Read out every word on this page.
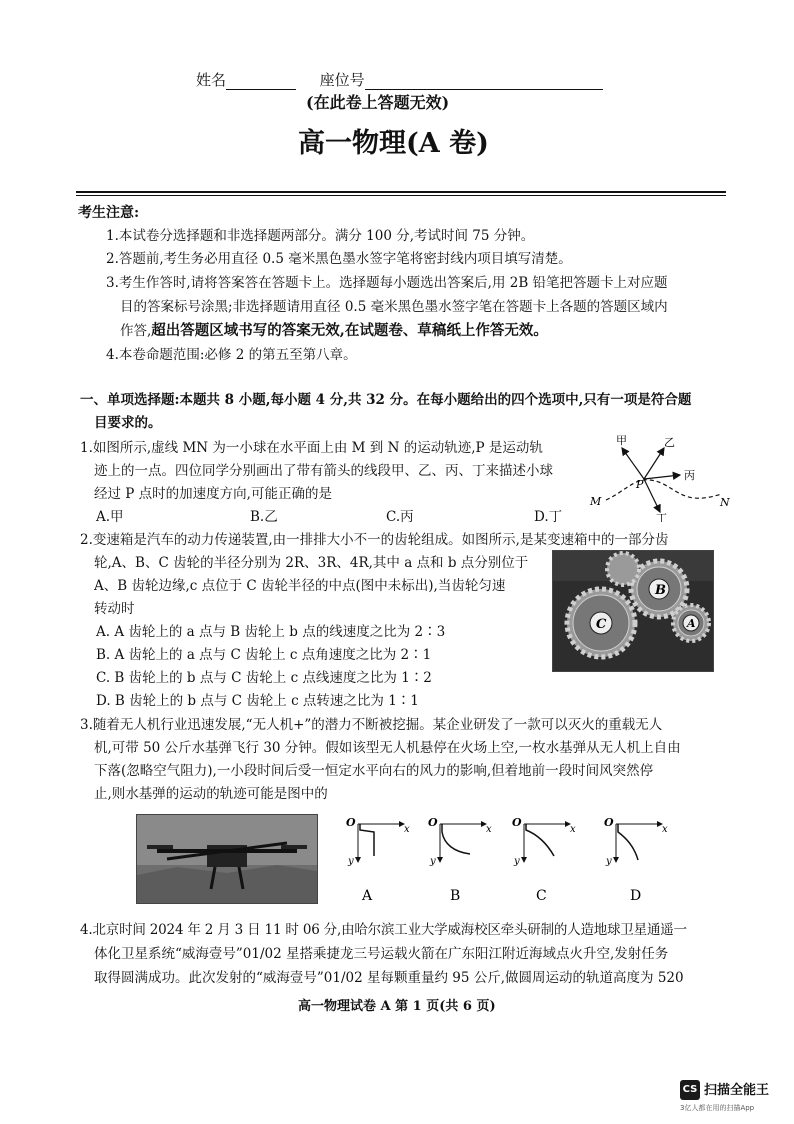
姓名	座位号
(在此卷上答题无效)
高一物理(A 卷)
考生注意:
1.本试卷分选择题和非选择题两部分。满分 100 分,考试时间 75 分钟。
2.答题前,考生务必用直径 0.5 毫米黑色墨水签字笔将密封线内项目填写清楚。
3.考生作答时,请将答案答在答题卡上。选择题每小题选出答案后,用 2B 铅笔把答题卡上对应题
目的答案标号涂黑;非选择题请用直径 0.5 毫米黑色墨水签字笔在答题卡上各题的答题区域内
作答,超出答题区域书写的答案无效,在试题卷、草稿纸上作答无效。
4.本卷命题范围:必修 2 的第五至第八章。
一、单项选择题:本题共 8 小题,每小题 4 分,共 32 分。在每小题给出的四个选项中,只有一项是符合题
目要求的。
1.如图所示,虚线 MN 为一小球在水平面上由 M 到 N 的运动轨迹,P 是运动轨
迹上的一点。四位同学分别画出了带有箭头的线段甲、乙、丙、丁来描述小球
经过 P 点时的加速度方向,可能正确的是
A.甲	B.乙	C.丙	D.丁
甲	乙
丙
丁
M	N
P
2.变速箱是汽车的动力传递装置,由一排排大小不一的齿轮组成。如图所示,是某变速箱中的一部分齿
轮,A、B、C 齿轮的半径分别为 2R、3R、4R,其中 a 点和 b 点分别位于
A、B 齿轮边缘,c 点位于 C 齿轮半径的中点(图中未标出),当齿轮匀速
转动时
A. A 齿轮上的 a 点与 B 齿轮上 b 点的线速度之比为 2∶3
B. A 齿轮上的 a 点与 C 齿轮上 c 点角速度之比为 2∶1
C. B 齿轮上的 b 点与 C 齿轮上 c 点线速度之比为 1∶2
D. B 齿轮上的 b 点与 C 齿轮上 c 点转速之比为 1∶1
B
C	A
3.随着无人机行业迅速发展,“无人机+”的潜力不断被挖掘。某企业研发了一款可以灭火的重载无人
机,可带 50 公斤水基弹飞行 30 分钟。假如该型无人机悬停在火场上空,一枚水基弹从无人机上自由
下落(忽略空气阻力),一小段时间后受一恒定水平向右的风力的影响,但着地前一段时间风突然停
止,则水基弹的运动的轨迹可能是图中的
O
x
y
O
x
y
O
x
y
O
x
y
A	B	C	D
4.北京时间 2024 年 2 月 3 日 11 时 06 分,由哈尔滨工业大学威海校区牵头研制的人造地球卫星通遥一
体化卫星系统“威海壹号”01/02 星搭乘捷龙三号运载火箭在广东阳江附近海域点火升空,发射任务
取得圆满成功。此次发射的“威海壹号”01/02 星每颗重量约 95 公斤,做圆周运动的轨道高度为 520
高一物理试卷 A 第 1 页(共 6 页)
CS 扫描全能王
3亿人都在用的扫描App
